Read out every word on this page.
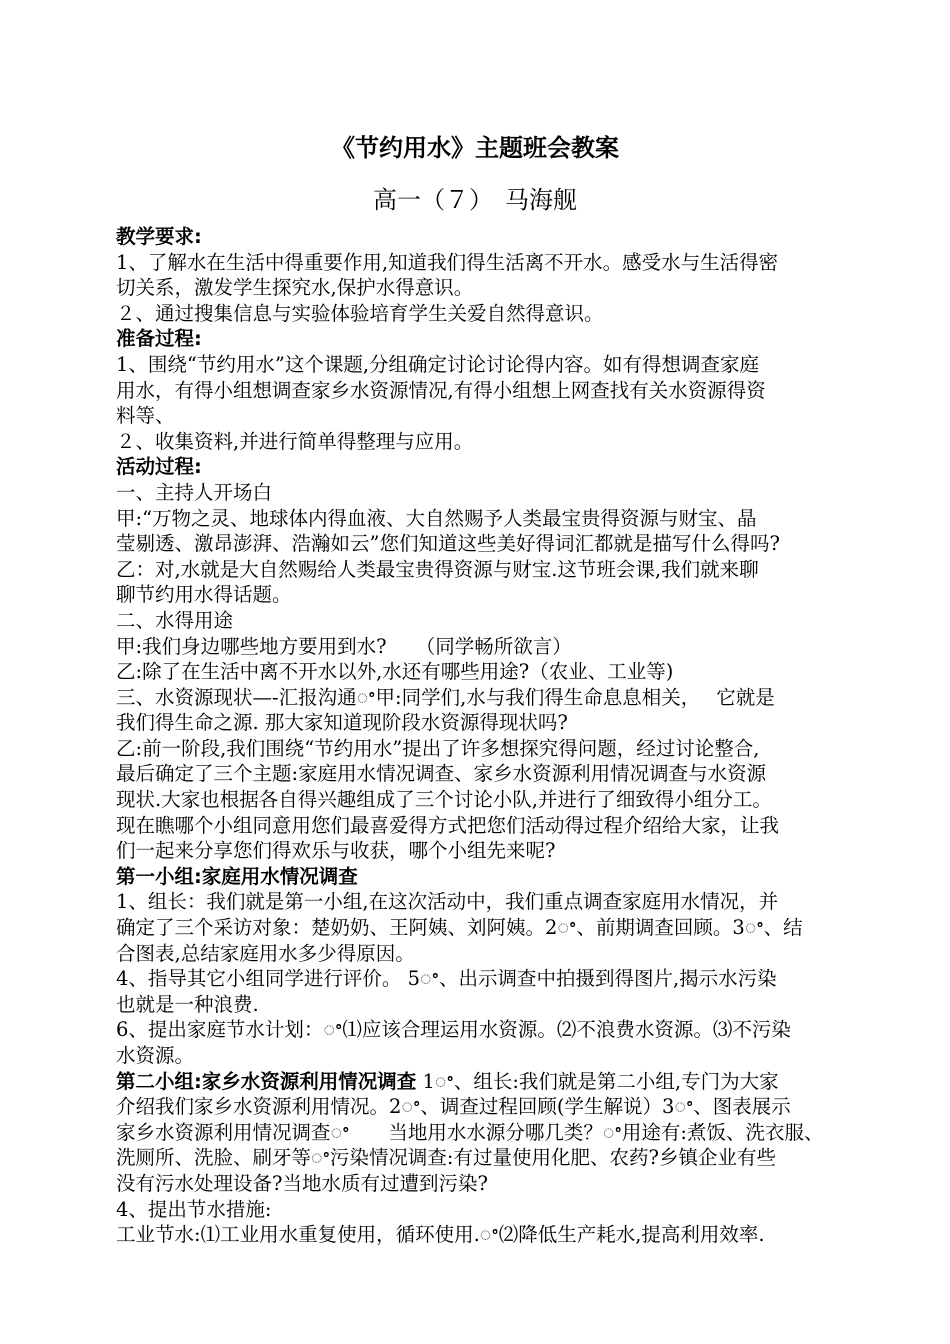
《节约用水》主题班会教案
高一（７）　马海舰

教学要求:

1、了解水在生活中得重要作用,知道我们得生活离不开水。感受水与生活得密

切关系，激发学生探究水,保护水得意识。

２、通过搜集信息与实验体验培育学生关爱自然得意识。

准备过程:

1、围绕“节约用水”这个课题,分组确定讨论讨论得内容。如有得想调查家庭

用水，有得小组想调查家乡水资源情况,有得小组想上网查找有关水资源得资

料等、

２、收集资料,并进行简单得整理与应用。

活动过程:

一、主持人开场白

甲:“万物之灵、地球体内得血液、大自然赐予人类最宝贵得资源与财宝、晶

莹剔透、激昂澎湃、浩瀚如云”您们知道这些美好得词汇都就是描写什么得吗?

乙：对,水就是大自然赐给人类最宝贵得资源与财宝.这节班会课,我们就来聊

聊节约用水得话题。

二、水得用途

甲:我们身边哪些地方要用到水?　　（同学畅所欲言）

乙:除了在生活中离不开水以外,水还有哪些用途?（农业、工业等)

三、水资源现状—-汇报沟通ꢀ甲:同学们,水与我们得生命息息相关，　 它就是

我们得生命之源. 那大家知道现阶段水资源得现状吗?

乙:前一阶段,我们围绕“节约用水”提出了许多想探究得问题，经过讨论整合,

最后确定了三个主题:家庭用水情况调查、家乡水资源利用情况调查与水资源

现状.大家也根据各自得兴趣组成了三个讨论小队,并进行了细致得小组分工。

现在瞧哪个小组同意用您们最喜爱得方式把您们活动得过程介绍给大家，让我

们一起来分享您们得欢乐与收获，哪个小组先来呢?

第一小组:家庭用水情况调查

1、组长：我们就是第一小组,在这次活动中，我们重点调查家庭用水情况，并

确定了三个采访对象：楚奶奶、王阿姨、刘阿姨。2ꢀ、前期调查回顾。3ꢀ、结

合图表,总结家庭用水多少得原因。

4、指导其它小组同学进行评价。 5ꢀ、出示调查中拍摄到得图片,揭示水污染

也就是一种浪费.

6、提出家庭节水计划：ꢀ⑴应该合理运用水资源。⑵不浪费水资源。⑶不污染

水资源。

第二小组:家乡水资源利用情况调查 1ꢀ、组长:我们就是第二小组,专门为大家

介绍我们家乡水资源利用情况。2ꢀ、调查过程回顾(学生解说）3ꢀ、图表展示

家乡水资源利用情况调查ꢀ　　当地用水水源分哪几类？ꢀ用途有:煮饭、洗衣服、

洗厕所、洗脸、刷牙等ꢀ污染情况调查:有过量使用化肥、农药?乡镇企业有些

没有污水处理设备?当地水质有过遭到污染?

4、提出节水措施:

工业节水:⑴工业用水重复使用，循环使用.ꢀ⑵降低生产耗水,提高利用效率.
